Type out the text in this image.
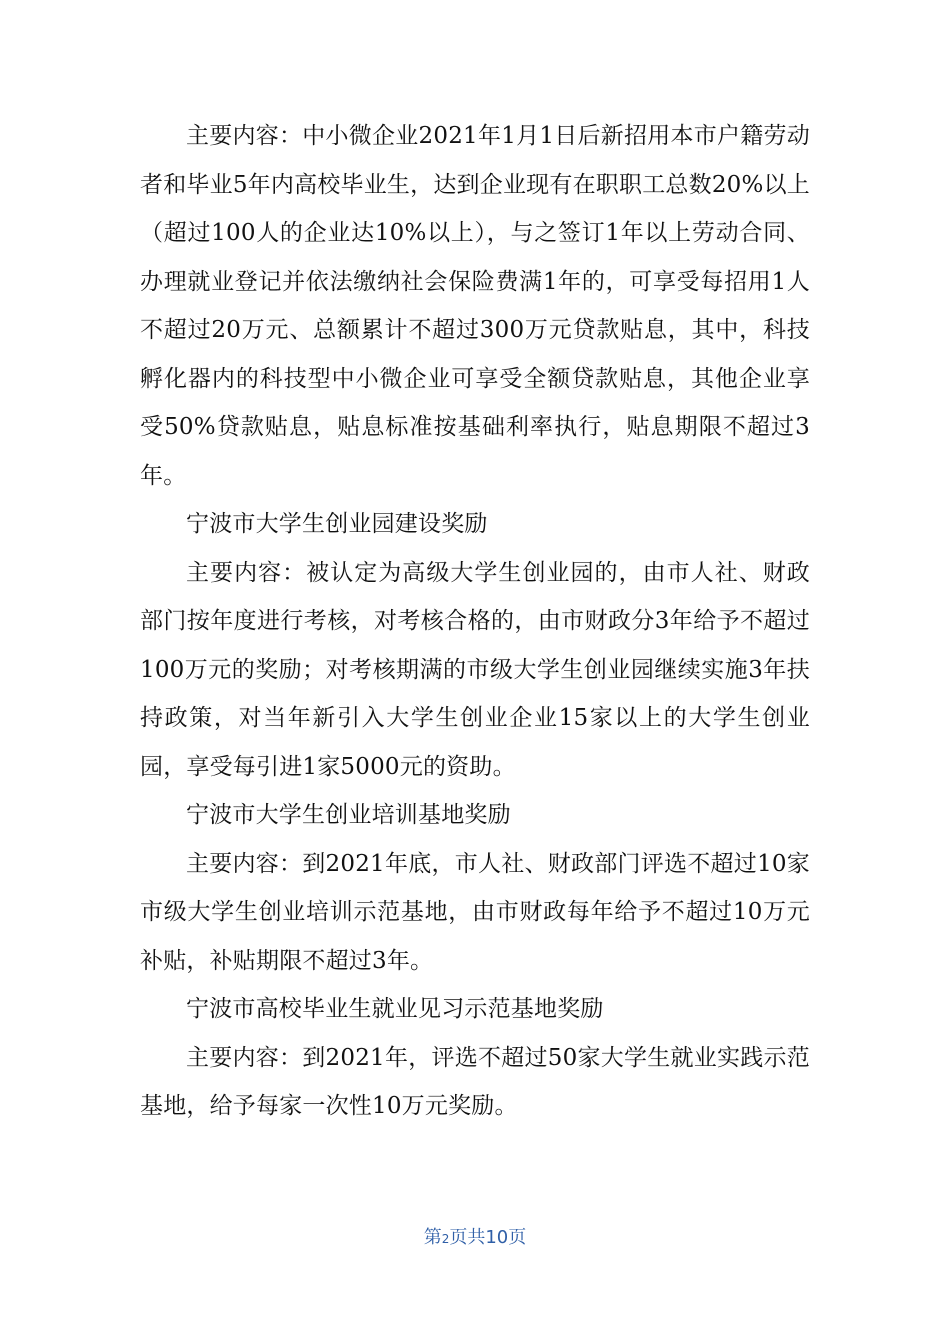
主要内容：中小微企业2021年1月1日后新招用本市户籍劳动者和毕业5年内高校毕业生，达到企业现有在职职工总数20%以上（超过100人的企业达10%以上），与之签订1年以上劳动合同、办理就业登记并依法缴纳社会保险费满1年的，可享受每招用1人不超过20万元、总额累计不超过300万元贷款贴息，其中，科技孵化器内的科技型中小微企业可享受全额贷款贴息，其他企业享受50%贷款贴息，贴息标准按基础利率执行，贴息期限不超过3年。

宁波市大学生创业园建设奖励

主要内容：被认定为高级大学生创业园的，由市人社、财政部门按年度进行考核，对考核合格的，由市财政分3年给予不超过100万元的奖励；对考核期满的市级大学生创业园继续实施3年扶持政策，对当年新引入大学生创业企业15家以上的大学生创业园，享受每引进1家5000元的资助。

宁波市大学生创业培训基地奖励

主要内容：到2021年底，市人社、财政部门评选不超过10家市级大学生创业培训示范基地，由市财政每年给予不超过10万元补贴，补贴期限不超过3年。

宁波市高校毕业生就业见习示范基地奖励

主要内容：到2021年，评选不超过50家大学生就业实践示范基地，给予每家一次性10万元奖励。

第2页共10页
